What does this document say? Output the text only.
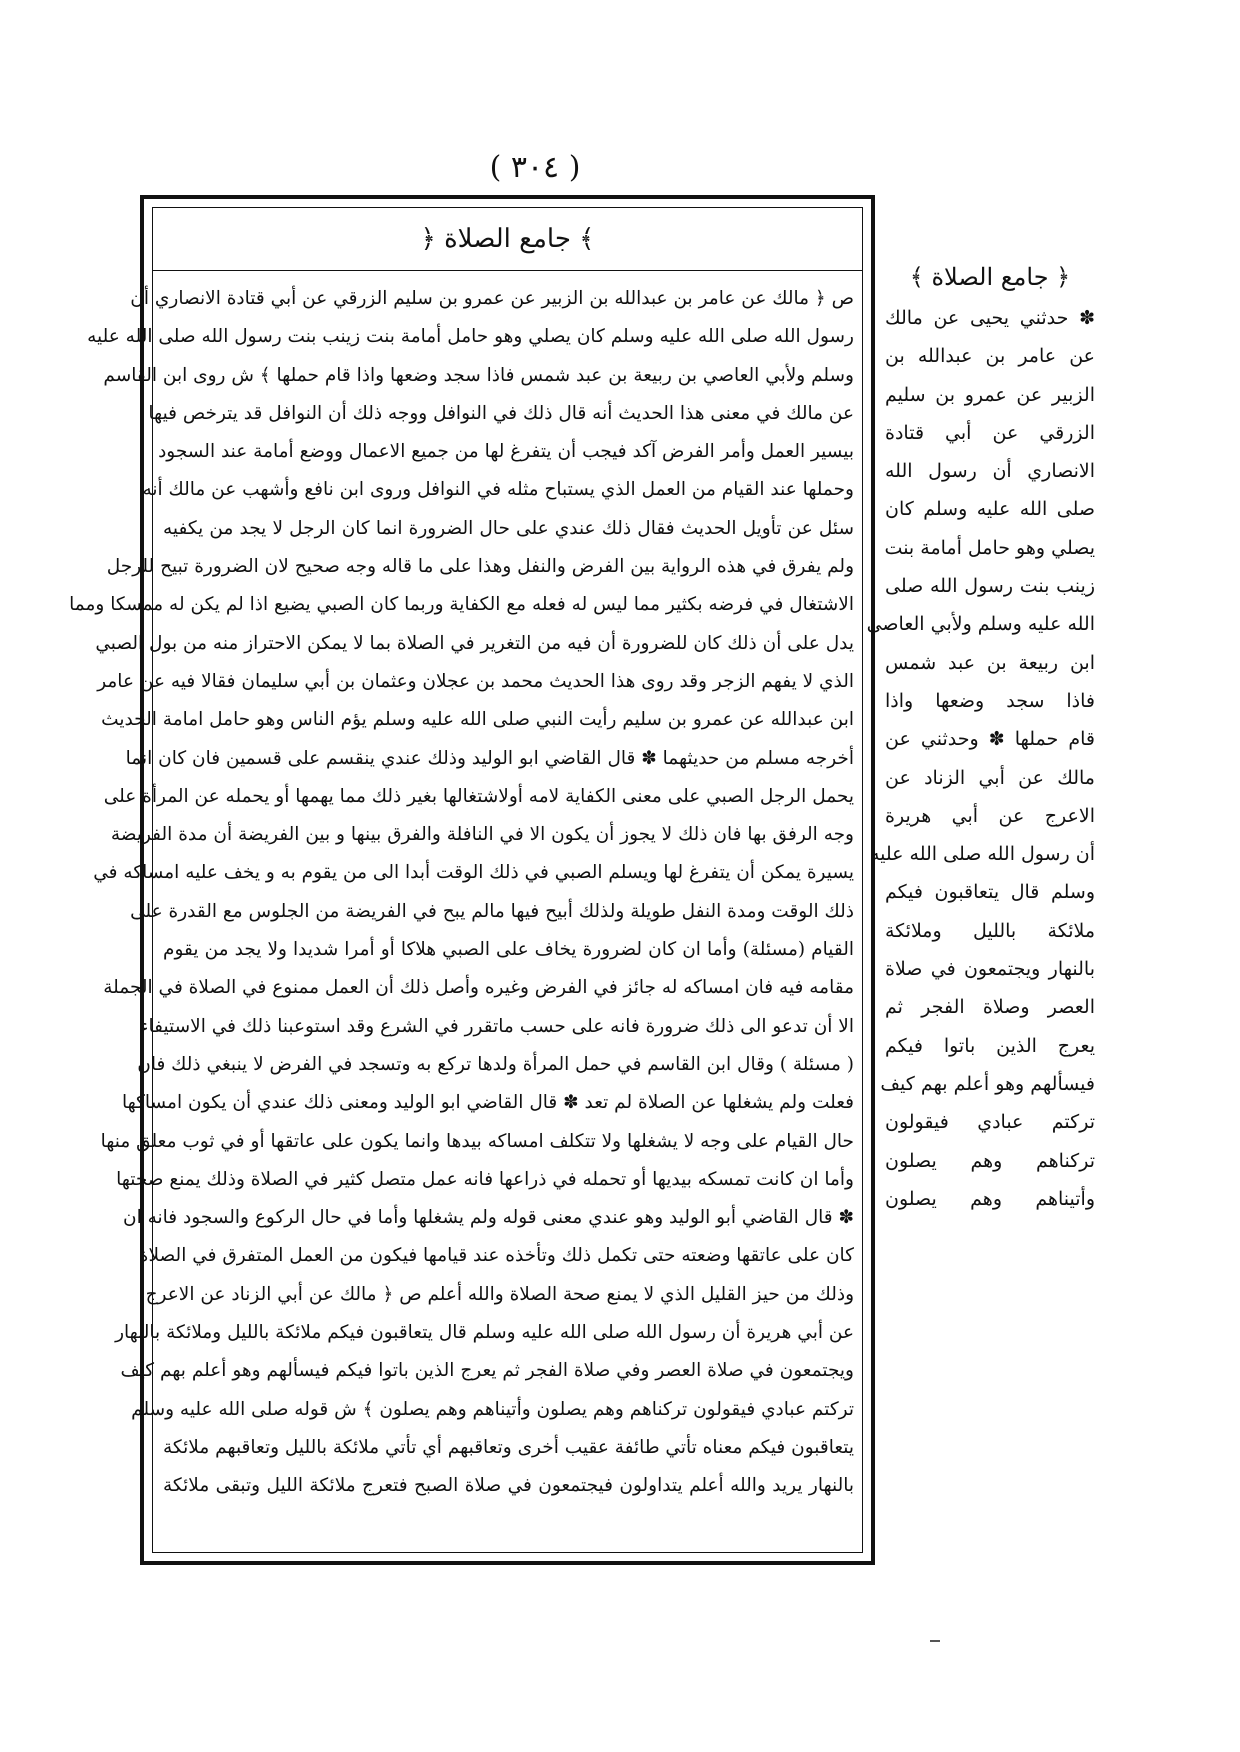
( ٣٠٤ )
﴿ جامع الصلاة ﴾
ص ﴿ مالك عن عامر بن عبدالله بن الزبير عن عمرو بن سليم الزرقي عن أبي قتادة الانصاري أن
رسول الله صلى الله عليه وسلم كان يصلي وهو حامل أمامة بنت زينب بنت رسول الله صلى الله عليه
وسلم ولأبي العاصي بن ربيعة بن عبد شمس فاذا سجد وضعها واذا قام حملها ﴾ ش روى ابن القاسم
عن مالك في معنى هذا الحديث أنه قال ذلك في النوافل ووجه ذلك أن النوافل قد يترخص فيها
بيسير العمل وأمر الفرض آكد فيجب أن يتفرغ لها من جميع الاعمال ووضع أمامة عند السجود
وحملها عند القيام من العمل الذي يستباح مثله في النوافل وروى ابن نافع وأشهب عن مالك أنه
سئل عن تأويل الحديث فقال ذلك عندي على حال الضرورة انما كان الرجل لا يجد من يكفيه
ولم يفرق في هذه الرواية بين الفرض والنفل وهذا على ما قاله وجه صحيح لان الضرورة تبيح للرجل
الاشتغال في فرضه بكثير مما ليس له فعله مع الكفاية وربما كان الصبي يضيع اذا لم يكن له ممسكا ومما
يدل على أن ذلك كان للضرورة أن فيه من التغرير في الصلاة بما لا يمكن الاحتراز منه من بول الصبي
الذي لا يفهم الزجر وقد روى هذا الحديث محمد بن عجلان وعثمان بن أبي سليمان فقالا فيه عن عامر
ابن عبدالله عن عمرو بن سليم رأيت النبي صلى الله عليه وسلم يؤم الناس وهو حامل امامة الحديث
أخرجه مسلم من حديثهما ✽ قال القاضي ابو الوليد وذلك عندي ينقسم على قسمين فان كان انما
يحمل الرجل الصبي على معنى الكفاية لامه أولاشتغالها بغير ذلك مما يهمها أو يحمله عن المرأة على
وجه الرفق بها فان ذلك لا يجوز أن يكون الا في النافلة والفرق بينها و بين الفريضة أن مدة الفريضة
يسيرة يمكن أن يتفرغ لها ويسلم الصبي في ذلك الوقت أبدا الى من يقوم به و يخف عليه امساكه في
ذلك الوقت ومدة النفل طويلة ولذلك أبيح فيها مالم يبح في الفريضة من الجلوس مع القدرة على
القيام (مسئلة) وأما ان كان لضرورة يخاف على الصبي هلاكا أو أمرا شديدا ولا يجد من يقوم
مقامه فيه فان امساكه له جائز في الفرض وغيره وأصل ذلك أن العمل ممنوع في الصلاة في الجملة
الا أن تدعو الى ذلك ضرورة فانه على حسب ماتقرر في الشرع وقد استوعبنا ذلك في الاستيفاء
( مسئلة ) وقال ابن القاسم في حمل المرأة ولدها تركع به وتسجد في الفرض لا ينبغي ذلك فان
فعلت ولم يشغلها عن الصلاة لم تعد ✽ قال القاضي ابو الوليد ومعنى ذلك عندي أن يكون امساكها
حال القيام على وجه لا يشغلها ولا تتكلف امساكه بيدها وانما يكون على عاتقها أو في ثوب معلق منها
وأما ان كانت تمسكه بيديها أو تحمله في ذراعها فانه عمل متصل كثير في الصلاة وذلك يمنع صحتها
✽ قال القاضي أبو الوليد وهو عندي معنى قوله ولم يشغلها وأما في حال الركوع والسجود فانه ان
كان على عاتقها وضعته حتى تكمل ذلك وتأخذه عند قيامها فيكون من العمل المتفرق في الصلاة
وذلك من حيز القليل الذي لا يمنع صحة الصلاة والله أعلم ص ﴿ مالك عن أبي الزناد عن الاعرج
عن أبي هريرة أن رسول الله صلى الله عليه وسلم قال يتعاقبون فيكم ملائكة بالليل وملائكة بالنهار
ويجتمعون في صلاة العصر وفي صلاة الفجر ثم يعرج الذين باتوا فيكم فيسألهم وهو أعلم بهم كيف
تركتم عبادي فيقولون تركناهم وهم يصلون وأتيناهم وهم يصلون ﴾ ش قوله صلى الله عليه وسلم
يتعاقبون فيكم معناه تأتي طائفة عقيب أخرى وتعاقبهم أي تأتي ملائكة بالليل وتعاقبهم ملائكة
بالنهار يريد والله أعلم يتداولون فيجتمعون في صلاة الصبح فتعرج ملائكة الليل وتبقى ملائكة
﴿ جامع الصلاة ﴾
✽ حدثني يحيى عن مالك
عن عامر بن عبدالله بن
الزبير عن عمرو بن سليم
الزرقي عن أبي قتادة
الانصاري أن رسول الله
صلى الله عليه وسلم كان
يصلي وهو حامل أمامة بنت
زينب بنت رسول الله صلى
الله عليه وسلم ولأبي العاصي
ابن ربيعة بن عبد شمس
فاذا سجد وضعها واذا
قام حملها ✽ وحدثني عن
مالك عن أبي الزناد عن
الاعرج عن أبي هريرة
أن رسول الله صلى الله عليه
وسلم قال يتعاقبون فيكم
ملائكة بالليل وملائكة
بالنهار ويجتمعون في صلاة
العصر وصلاة الفجر ثم
يعرج الذين باتوا فيكم
فيسألهم وهو أعلم بهم كيف
تركتم عبادي فيقولون
تركناهم وهم يصلون
وأتيناهم وهم يصلون
